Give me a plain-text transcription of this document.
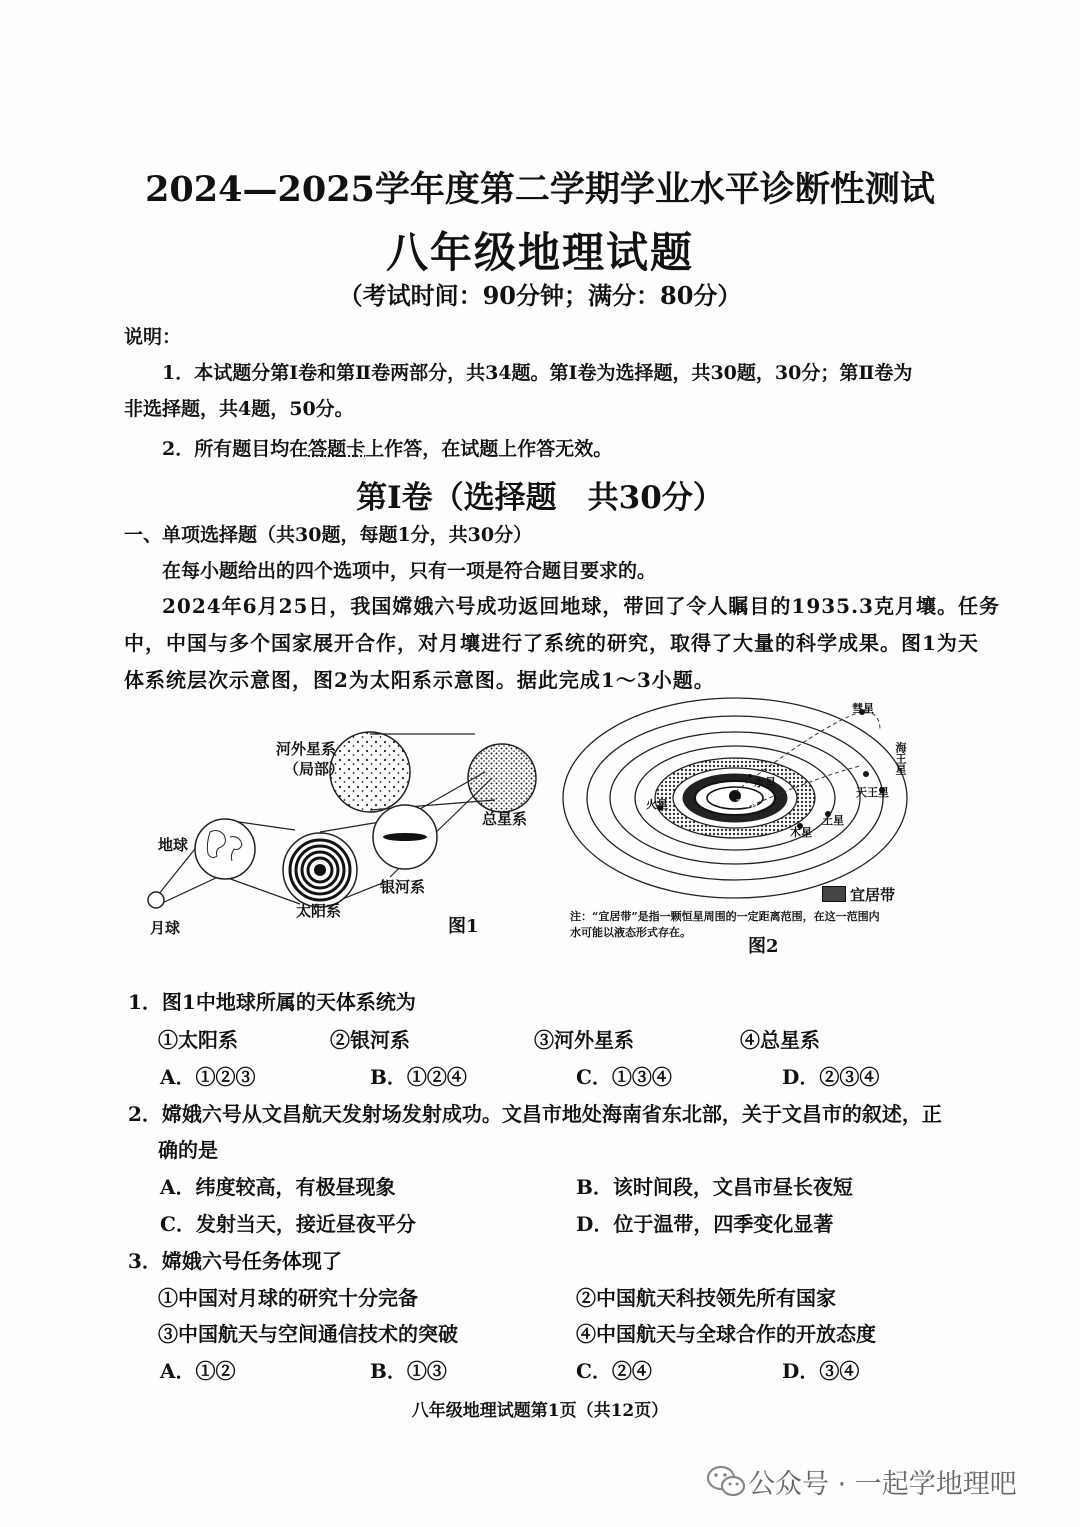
2024—2025学年度第二学期学业水平诊断性测试
八年级地理试题
（考试时间：90分钟；满分：80分）
说明：
1．本试题分第Ⅰ卷和第Ⅱ卷两部分，共34题。第Ⅰ卷为选择题，共30题，30分；第Ⅱ卷为
非选择题，共4题，50分。
2．所有题目均在答题卡上作答，在试题上作答无效。
第Ⅰ卷（选择题　共30分）
一、单项选择题（共30题，每题1分，共30分）
在每小题给出的四个选项中，只有一项是符合题目要求的。
2024年6月25日，我国嫦娥六号成功返回地球，带回了令人瞩目的1935.3克月壤。任务
中，中国与多个国家展开合作，对月壤进行了系统的研究，取得了大量的科学成果。图1为天
体系统层次示意图，图2为太阳系示意图。据此完成1～3小题。
河外星系
（局部）
总星系
银河系
太阳系
地球
月球	图1
彗星
海王星
天王星
土星
木星
火星
水星
太阳
宜居带
注：“宜居带”是指一颗恒星周围的一定距离范围，在这一范围内
水可能以液态形式存在。
图2
1．图1中地球所属的天体系统为
①太阳系	②银河系	③河外星系	④总星系
A．①②③	B．①②④	C．①③④	D．②③④
2．嫦娥六号从文昌航天发射场发射成功。文昌市地处海南省东北部，关于文昌市的叙述，正
确的是
A．纬度较高，有极昼现象	B．该时间段，文昌市昼长夜短
C．发射当天，接近昼夜平分	D．位于温带，四季变化显著
3．嫦娥六号任务体现了
①中国对月球的研究十分完备	②中国航天科技领先所有国家
③中国航天与空间通信技术的突破	④中国航天与全球合作的开放态度
A．①②	B．①③	C．②④	D．③④
八年级地理试题第1页（共12页）
公众号 · 一起学地理吧
